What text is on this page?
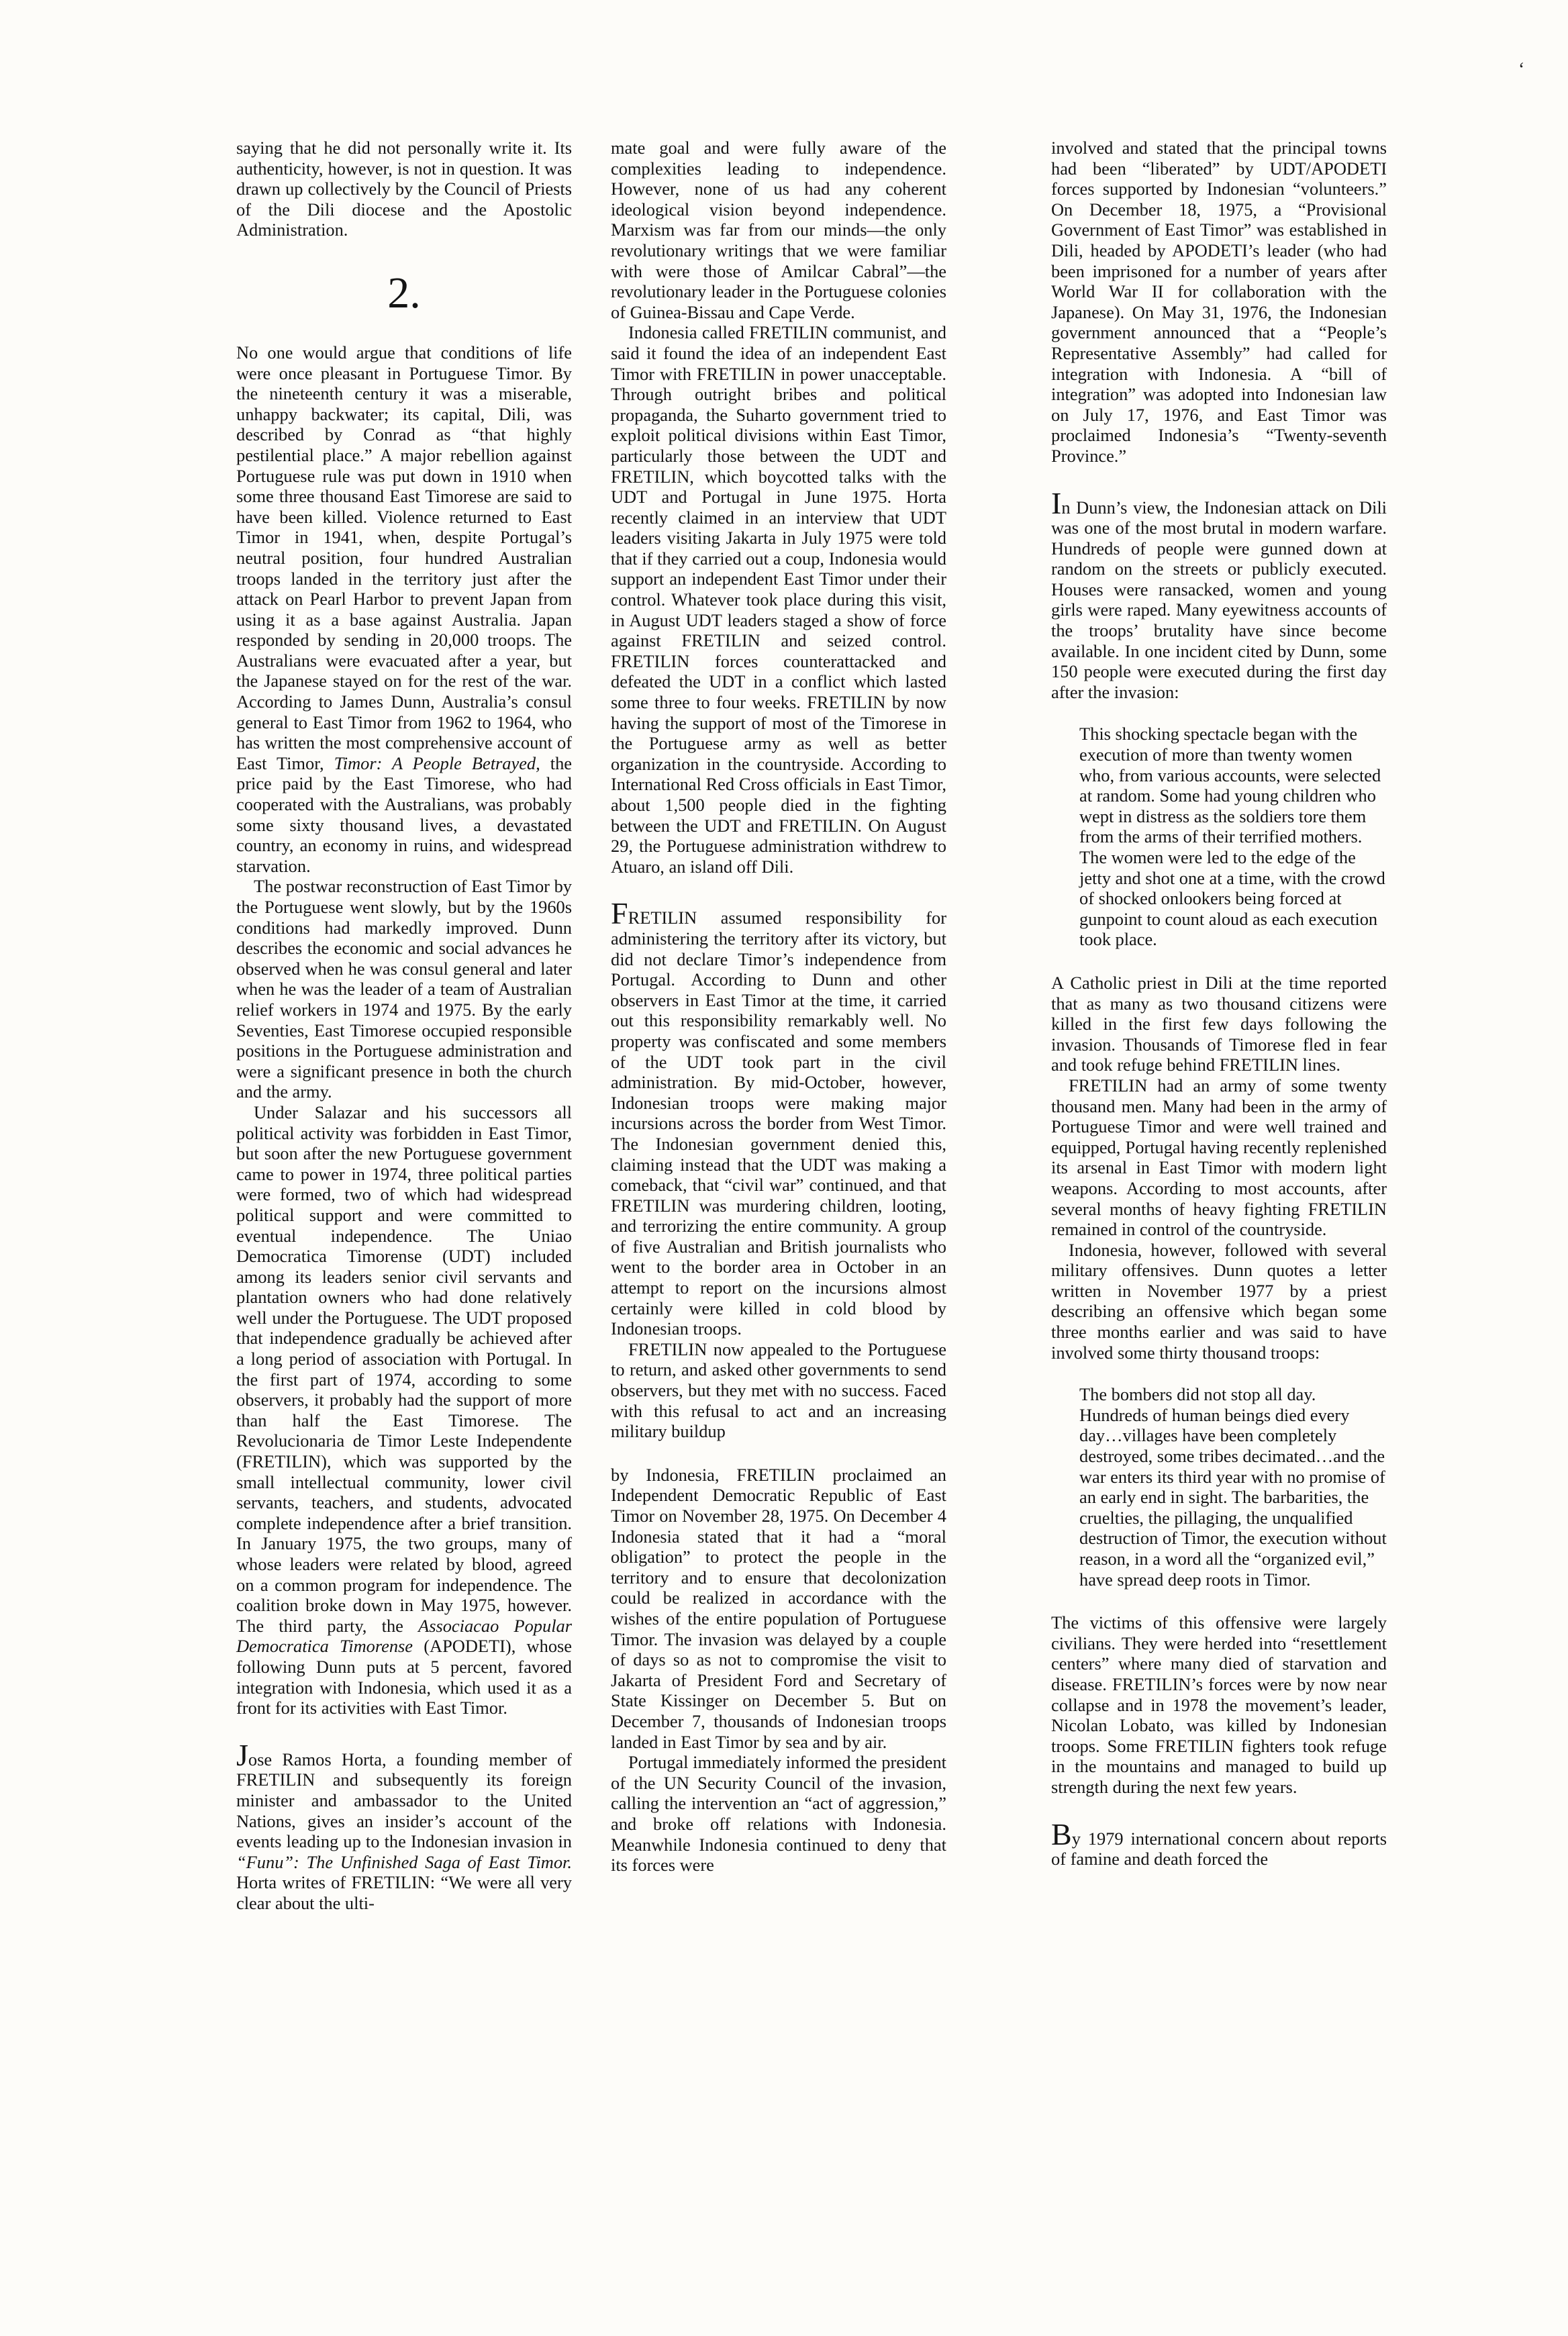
‘

saying that he did not personally write it. Its authenticity, however, is not in question. It was drawn up collectively by the Council of Priests of the Dili diocese and the Apostolic Administration.

2.

No one would argue that conditions of life were once pleasant in Portuguese Timor. By the nineteenth century it was a miserable, unhappy backwater; its capital, Dili, was described by Conrad as “that highly pestilential place.” A major rebellion against Portuguese rule was put down in 1910 when some three thousand East Timorese are said to have been killed. Violence returned to East Timor in 1941, when, despite Portugal’s neutral position, four hundred Australian troops landed in the territory just after the attack on Pearl Harbor to prevent Japan from using it as a base against Australia. Japan responded by sending in 20,000 troops. The Australians were evacuated after a year, but the Japanese stayed on for the rest of the war. According to James Dunn, Australia’s consul general to East Timor from 1962 to 1964, who has written the most comprehensive account of East Timor, Timor: A People Betrayed, the price paid by the East Timorese, who had cooperated with the Australians, was probably some sixty thousand lives, a devastated country, an economy in ruins, and widespread starvation.

The postwar reconstruction of East Timor by the Portuguese went slowly, but by the 1960s conditions had markedly improved. Dunn describes the economic and social advances he observed when he was consul general and later when he was the leader of a team of Australian relief workers in 1974 and 1975. By the early Seventies, East Timorese occupied responsible positions in the Portuguese administration and were a significant presence in both the church and the army.

Under Salazar and his successors all political activity was forbidden in East Timor, but soon after the new Portuguese government came to power in 1974, three political parties were formed, two of which had widespread political support and were committed to eventual independence. The Uniao Democratica Timorense (UDT) included among its leaders senior civil servants and plantation owners who had done relatively well under the Portuguese. The UDT proposed that independence gradually be achieved after a long period of association with Portugal. In the first part of 1974, according to some observers, it probably had the support of more than half the East Timorese. The Revolucionaria de Timor Leste Independente (FRETILIN), which was supported by the small intellectual community, lower civil servants, teachers, and students, advocated complete independence after a brief transition. In January 1975, the two groups, many of whose leaders were related by blood, agreed on a common program for independence. The coalition broke down in May 1975, however. The third party, the Associacao Popular Democratica Timorense (APODETI), whose following Dunn puts at 5 percent, favored integration with Indonesia, which used it as a front for its activities with East Timor.

Jose Ramos Horta, a founding member of FRETILIN and subsequently its foreign minister and ambassador to the United Nations, gives an insider’s account of the events leading up to the Indonesian invasion in “Funu”: The Unfinished Saga of East Timor. Horta writes of FRETILIN: “We were all very clear about the ulti-

mate goal and were fully aware of the complexities leading to independence. However, none of us had any coherent ideological vision beyond independence. Marxism was far from our minds—the only revolutionary writings that we were familiar with were those of Amilcar Cabral”—the revolutionary leader in the Portuguese colonies of Guinea-Bissau and Cape Verde.

Indonesia called FRETILIN communist, and said it found the idea of an independent East Timor with FRETILIN in power unacceptable. Through outright bribes and political propaganda, the Suharto government tried to exploit political divisions within East Timor, particularly those between the UDT and FRETILIN, which boycotted talks with the UDT and Portugal in June 1975. Horta recently claimed in an interview that UDT leaders visiting Jakarta in July 1975 were told that if they carried out a coup, Indonesia would support an independent East Timor under their control. Whatever took place during this visit, in August UDT leaders staged a show of force against FRETILIN and seized control. FRETILIN forces counterattacked and defeated the UDT in a conflict which lasted some three to four weeks. FRETILIN by now having the support of most of the Timorese in the Portuguese army as well as better organization in the countryside. According to International Red Cross officials in East Timor, about 1,500 people died in the fighting between the UDT and FRETILIN. On August 29, the Portuguese administration withdrew to Atuaro, an island off Dili.

FRETILIN assumed responsibility for administering the territory after its victory, but did not declare Timor’s independence from Portugal. According to Dunn and other observers in East Timor at the time, it carried out this responsibility remarkably well. No property was confiscated and some members of the UDT took part in the civil administration. By mid-October, however, Indonesian troops were making major incursions across the border from West Timor. The Indonesian government denied this, claiming instead that the UDT was making a comeback, that “civil war” continued, and that FRETILIN was murdering children, looting, and terrorizing the entire community. A group of five Australian and British journalists who went to the border area in October in an attempt to report on the incursions almost certainly were killed in cold blood by Indonesian troops.

FRETILIN now appealed to the Portuguese to return, and asked other governments to send observers, but they met with no success. Faced with this refusal to act and an increasing military buildup

by Indonesia, FRETILIN proclaimed an Independent Democratic Republic of East Timor on November 28, 1975. On December 4 Indonesia stated that it had a “moral obligation” to protect the people in the territory and to ensure that decolonization could be realized in accordance with the wishes of the entire population of Portuguese Timor. The invasion was delayed by a couple of days so as not to compromise the visit to Jakarta of President Ford and Secretary of State Kissinger on December 5. But on December 7, thousands of Indonesian troops landed in East Timor by sea and by air.

Portugal immediately informed the president of the UN Security Council of the invasion, calling the intervention an “act of aggression,” and broke off relations with Indonesia. Meanwhile Indonesia continued to deny that its forces were

involved and stated that the principal towns had been “liberated” by UDT/APODETI forces supported by Indonesian “volunteers.” On December 18, 1975, a “Provisional Government of East Timor” was established in Dili, headed by APODETI’s leader (who had been imprisoned for a number of years after World War II for collaboration with the Japanese). On May 31, 1976, the Indonesian government announced that a “People’s Representative Assembly” had called for integration with Indonesia. A “bill of integration” was adopted into Indonesian law on July 17, 1976, and East Timor was proclaimed Indonesia’s “Twenty-seventh Province.”

In Dunn’s view, the Indonesian attack on Dili was one of the most brutal in modern warfare. Hundreds of people were gunned down at random on the streets or publicly executed. Houses were ransacked, women and young girls were raped. Many eyewitness accounts of the troops’ brutality have since become available. In one incident cited by Dunn, some 150 people were executed during the first day after the invasion:

This shocking spectacle began with the execution of more than twenty women who, from various accounts, were selected at random. Some had young children who wept in distress as the soldiers tore them from the arms of their terrified mothers. The women were led to the edge of the jetty and shot one at a time, with the crowd of shocked onlookers being forced at gunpoint to count aloud as each execution took place.

A Catholic priest in Dili at the time reported that as many as two thousand citizens were killed in the first few days following the invasion. Thousands of Timorese fled in fear and took refuge behind FRETILIN lines.

FRETILIN had an army of some twenty thousand men. Many had been in the army of Portuguese Timor and were well trained and equipped, Portugal having recently replenished its arsenal in East Timor with modern light weapons. According to most accounts, after several months of heavy fighting FRETILIN remained in control of the countryside.

Indonesia, however, followed with several military offensives. Dunn quotes a letter written in November 1977 by a priest describing an offensive which began some three months earlier and was said to have involved some thirty thousand troops:

The bombers did not stop all day. Hundreds of human beings died every day…villages have been completely destroyed, some tribes decimated…and the war enters its third year with no promise of an early end in sight. The barbarities, the cruelties, the pillaging, the unqualified destruction of Timor, the execution without reason, in a word all the “organized evil,” have spread deep roots in Timor.

The victims of this offensive were largely civilians. They were herded into “resettlement centers” where many died of starvation and disease. FRETILIN’s forces were by now near collapse and in 1978 the movement’s leader, Nicolan Lobato, was killed by Indonesian troops. Some FRETILIN fighters took refuge in the mountains and managed to build up strength during the next few years.

By 1979 international concern about reports of famine and death forced the
